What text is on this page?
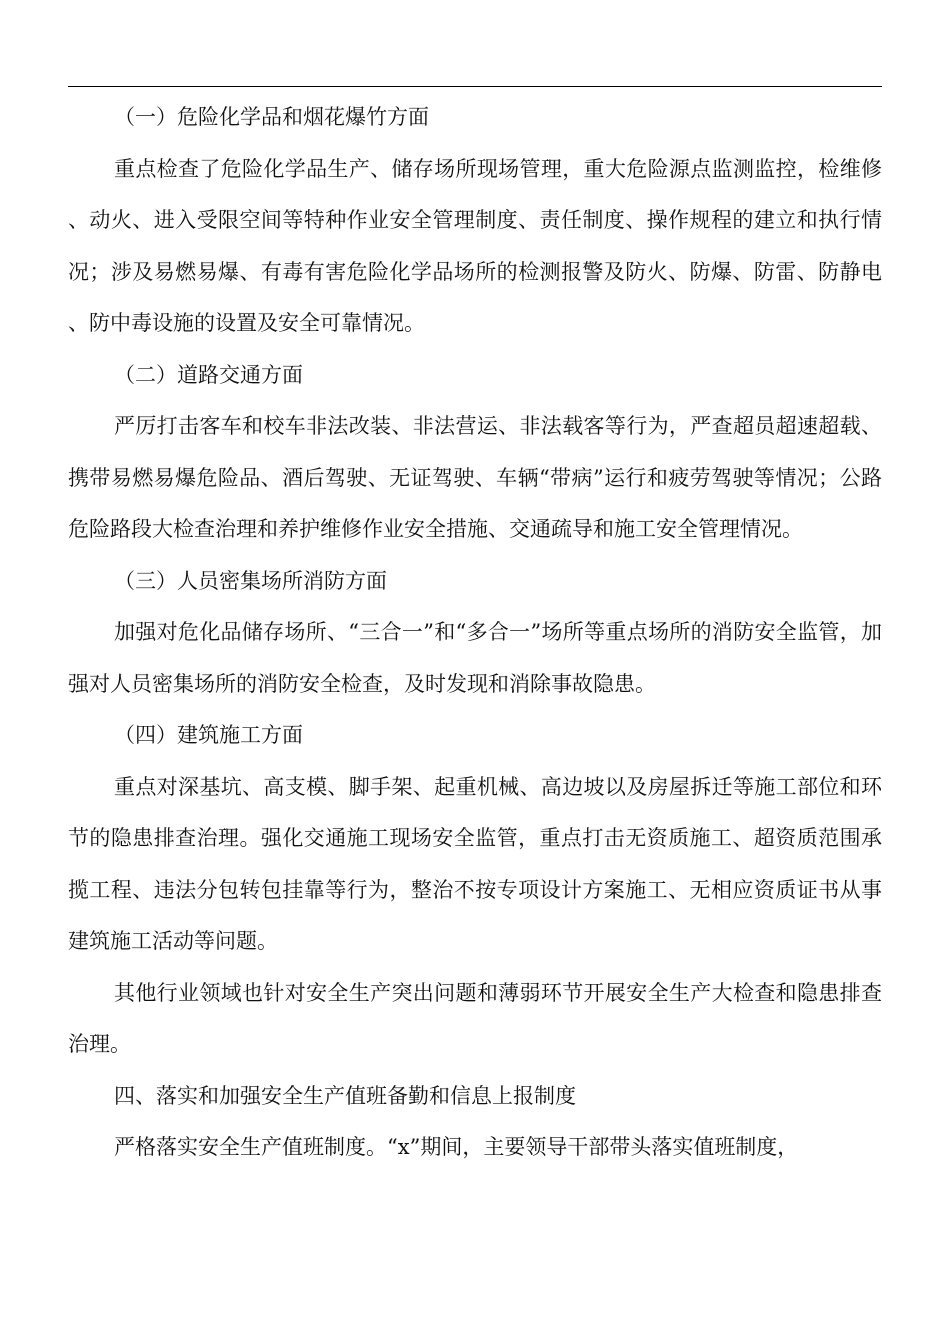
（一）危险化学品和烟花爆竹方面

重点检查了危险化学品生产、储存场所现场管理，重大危险源点监测监控，检维修、动火、进入受限空间等特种作业安全管理制度、责任制度、操作规程的建立和执行情况；涉及易燃易爆、有毒有害危险化学品场所的检测报警及防火、防爆、防雷、防静电、防中毒设施的设置及安全可靠情况。

（二）道路交通方面

严厉打击客车和校车非法改装、非法营运、非法载客等行为，严查超员超速超载、携带易燃易爆危险品、酒后驾驶、无证驾驶、车辆“带病”运行和疲劳驾驶等情况；公路危险路段大检查治理和养护维修作业安全措施、交通疏导和施工安全管理情况。

（三）人员密集场所消防方面

加强对危化品储存场所、“三合一”和“多合一”场所等重点场所的消防安全监管，加强对人员密集场所的消防安全检查，及时发现和消除事故隐患。

（四）建筑施工方面

重点对深基坑、高支模、脚手架、起重机械、高边坡以及房屋拆迁等施工部位和环节的隐患排查治理。强化交通施工现场安全监管，重点打击无资质施工、超资质范围承揽工程、违法分包转包挂靠等行为，整治不按专项设计方案施工、无相应资质证书从事建筑施工活动等问题。

其他行业领域也针对安全生产突出问题和薄弱环节开展安全生产大检查和隐患排查治理。

四、落实和加强安全生产值班备勤和信息上报制度

严格落实安全生产值班制度。“x”期间，主要领导干部带头落实值班制度，
